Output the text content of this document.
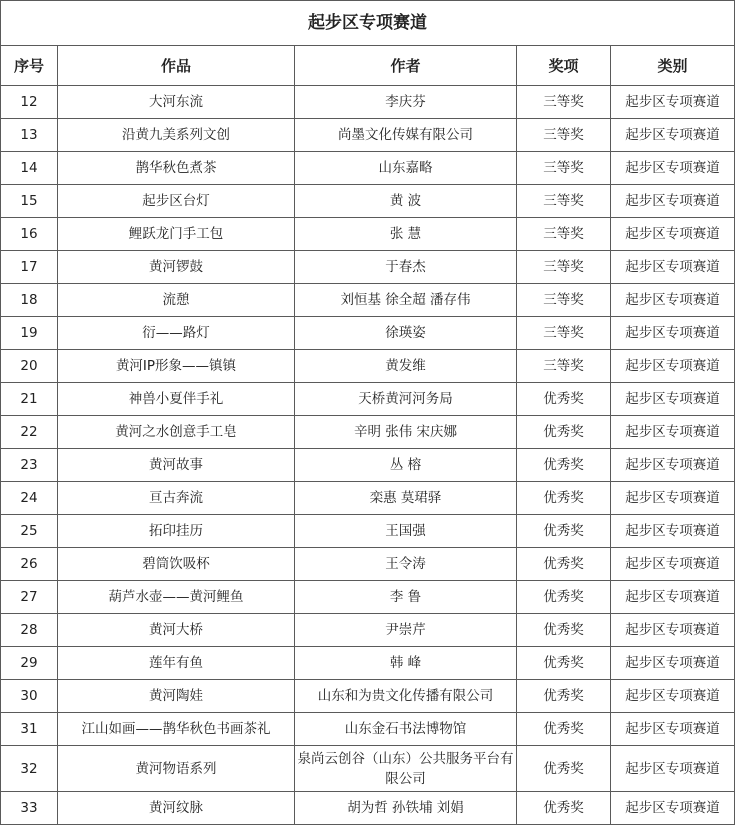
起步区专项赛道				
序号	作品	作者	奖项	类别
12	大河东流	李庆芬	三等奖	起步区专项赛道
13	沿黄九美系列文创	尚墨文化传媒有限公司	三等奖	起步区专项赛道
14	鹊华秋色煮茶	山东嘉略	三等奖	起步区专项赛道
15	起步区台灯	黄 波	三等奖	起步区专项赛道
16	鲤跃龙门手工包	张 慧	三等奖	起步区专项赛道
17	黄河锣鼓	于春杰	三等奖	起步区专项赛道
18	流憩	刘恒基 徐全超 潘存伟	三等奖	起步区专项赛道
19	衍——路灯	徐瑛姿	三等奖	起步区专项赛道
20	黄河IP形象——镇镇	黄发维	三等奖	起步区专项赛道
21	神兽小夏伴手礼	天桥黄河河务局	优秀奖	起步区专项赛道
22	黄河之水创意手工皂	辛明 张伟 宋庆娜	优秀奖	起步区专项赛道
23	黄河故事	丛 榕	优秀奖	起步区专项赛道
24	亘古奔流	栾惠 莫珺驿	优秀奖	起步区专项赛道
25	拓印挂历	王国强	优秀奖	起步区专项赛道
26	碧筒饮吸杯	王令涛	优秀奖	起步区专项赛道
27	葫芦水壶——黄河鲤鱼	李 鲁	优秀奖	起步区专项赛道
28	黄河大桥	尹崇芹	优秀奖	起步区专项赛道
29	莲年有鱼	韩 峰	优秀奖	起步区专项赛道
30	黄河陶娃	山东和为贵文化传播有限公司	优秀奖	起步区专项赛道
31	江山如画——鹊华秋色书画茶礼	山东金石书法博物馆	优秀奖	起步区专项赛道
32	黄河物语系列	泉尚云创谷（山东）公共服务平台有限公司	优秀奖	起步区专项赛道
33	黄河纹脉	胡为哲 孙铁埔 刘娟	优秀奖	起步区专项赛道
